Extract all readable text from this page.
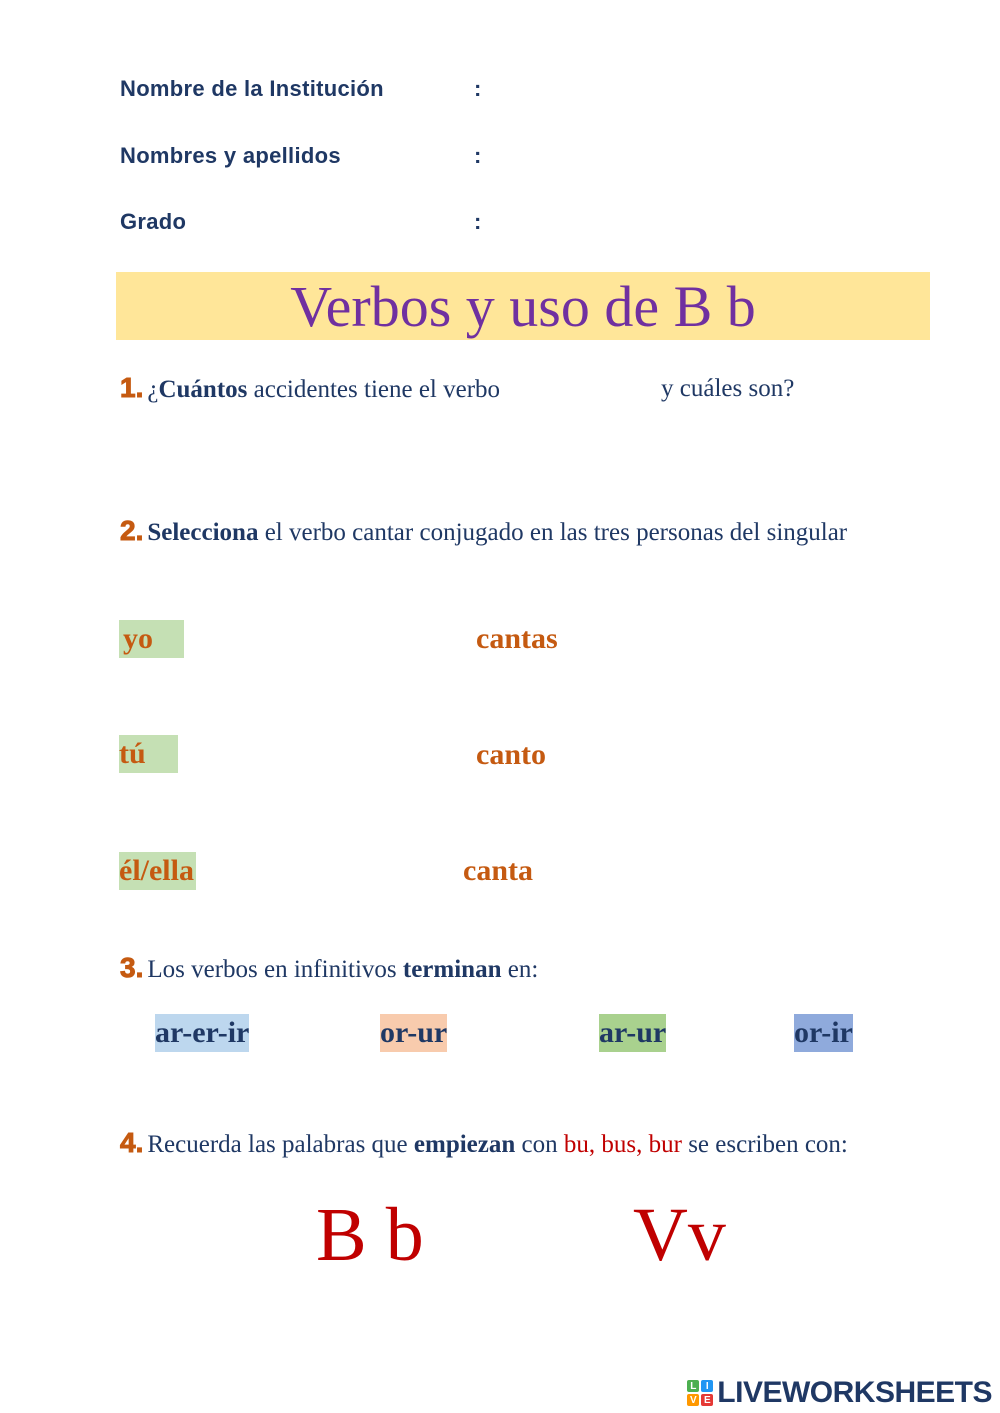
Nombre de la Institución	:
Nombres y apellidos	:
Grado	:
Verbos y uso de B b
1. ¿Cuántos accidentes tiene el verbo	y cuáles son?
2. Selecciona el verbo cantar conjugado en las tres personas del singular
yo	cantas
tú	canto
él/ella	canta
3. Los verbos en infinitivos terminan en:
ar-er-ir	or-ur	ar-ur	or-ir
4. Recuerda las palabras que empiezan con bu, bus, bur se escriben con:
B b	Vv
L I
V E LIVEWORKSHEETS
